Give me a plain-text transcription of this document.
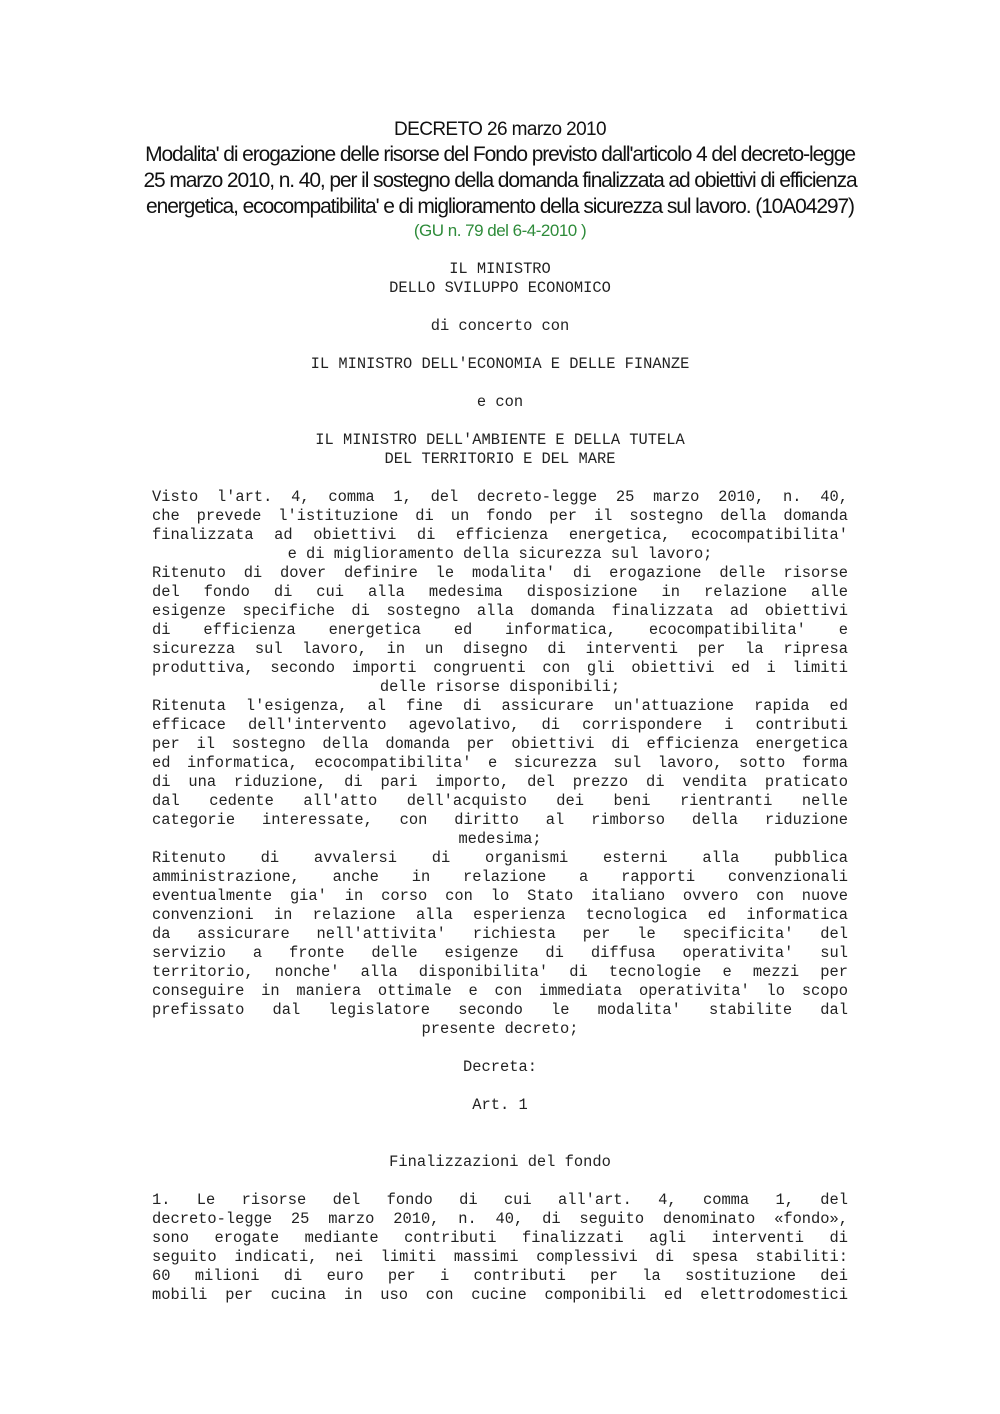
DECRETO 26 marzo 2010
Modalita' di erogazione delle risorse del Fondo previsto dall'articolo 4 del decreto-legge
25 marzo 2010, n. 40, per il sostegno della domanda finalizzata ad obiettivi di efficienza
energetica, ecocompatibilita' e di miglioramento della sicurezza sul lavoro. (10A04297)
(GU n. 79 del 6-4-2010 )
IL MINISTRO
DELLO SVILUPPO ECONOMICO
di concerto con
IL MINISTRO DELL'ECONOMIA E DELLE FINANZE
e con
IL MINISTRO DELL'AMBIENTE E DELLA TUTELA
DEL TERRITORIO E DEL MARE
Visto l'art. 4, comma 1, del decreto-legge 25 marzo 2010, n. 40,
che prevede l'istituzione di un fondo per il sostegno della domanda
finalizzata ad obiettivi di efficienza energetica, ecocompatibilita'
e di miglioramento della sicurezza sul lavoro;
Ritenuto di dover definire le modalita' di erogazione delle risorse
del fondo di cui alla medesima disposizione in relazione alle
esigenze specifiche di sostegno alla domanda finalizzata ad obiettivi
di efficienza energetica ed informatica, ecocompatibilita' e
sicurezza sul lavoro, in un disegno di interventi per la ripresa
produttiva, secondo importi congruenti con gli obiettivi ed i limiti
delle risorse disponibili;
Ritenuta l'esigenza, al fine di assicurare un'attuazione rapida ed
efficace dell'intervento agevolativo, di corrispondere i contributi
per il sostegno della domanda per obiettivi di efficienza energetica
ed informatica, ecocompatibilita' e sicurezza sul lavoro, sotto forma
di una riduzione, di pari importo, del prezzo di vendita praticato
dal cedente all'atto dell'acquisto dei beni rientranti nelle
categorie interessate, con diritto al rimborso della riduzione
medesima;
Ritenuto di avvalersi di organismi esterni alla pubblica
amministrazione, anche in relazione a rapporti convenzionali
eventualmente gia' in corso con lo Stato italiano ovvero con nuove
convenzioni in relazione alla esperienza tecnologica ed informatica
da assicurare nell'attivita' richiesta per le specificita' del
servizio a fronte delle esigenze di diffusa operativita' sul
territorio, nonche' alla disponibilita' di tecnologie e mezzi per
conseguire in maniera ottimale e con immediata operativita' lo scopo
prefissato dal legislatore secondo le modalita' stabilite dal
presente decreto;
Decreta:
Art. 1
Finalizzazioni del fondo
1. Le risorse del fondo di cui all'art. 4, comma 1, del
decreto-legge 25 marzo 2010, n. 40, di seguito denominato «fondo»,
sono erogate mediante contributi finalizzati agli interventi di
seguito indicati, nei limiti massimi complessivi di spesa stabiliti:
60 milioni di euro per i contributi per la sostituzione dei
mobili per cucina in uso con cucine componibili ed elettrodomestici
